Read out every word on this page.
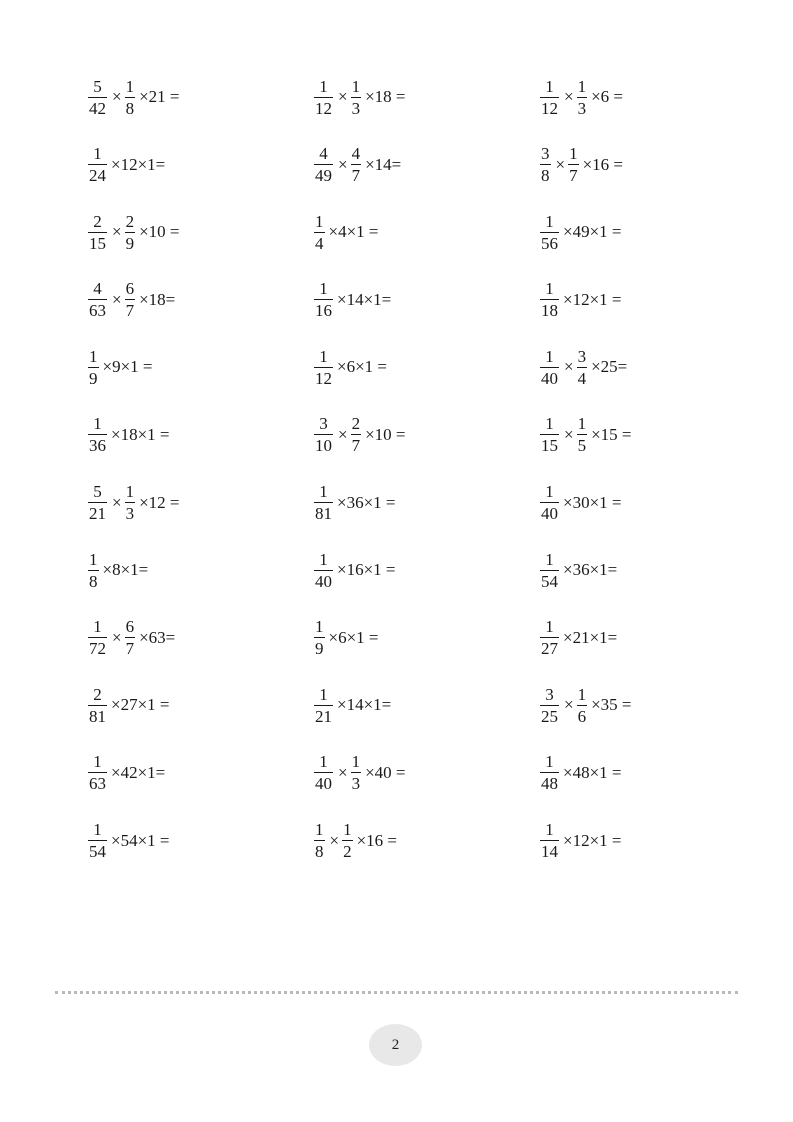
$\frac{5}{42} \times \frac{1}{8} \times 21$ =	$\frac{1}{12} \times \frac{1}{3} \times 18$ =	$\frac{1}{12} \times \frac{1}{3} \times 6$ =
$\frac{1}{24} \times 12\times 1=$	$\frac{4}{49} \times \frac{4}{7} \times 14=$	$\frac{3}{8} \times \frac{1}{7} \times 16$ =
$\frac{2}{15} \times \frac{2}{9} \times 10$ =	$\frac{1}{4} \times 4\times 1$ =	$\frac{1}{56} \times 49\times 1$ =
$\frac{4}{63} \times \frac{6}{7} \times 18=$	$\frac{1}{16} \times 14\times 1=$	$\frac{1}{18} \times 12\times 1$ =
$\frac{1}{9} \times 9\times 1$ =	$\frac{1}{12} \times 6\times 1$ =	$\frac{1}{40} \times \frac{3}{4} \times 25=$
$\frac{1}{36} \times 18\times 1$ =	$\frac{3}{10} \times \frac{2}{7} \times 10$ =	$\frac{1}{15} \times \frac{1}{5} \times 15$ =
$\frac{5}{21} \times \frac{1}{3} \times 12$ =	$\frac{1}{81} \times 36\times 1$ =	$\frac{1}{40} \times 30\times 1$ =
$\frac{1}{8} \times 8\times 1=$	$\frac{1}{40} \times 16\times 1$ =	$\frac{1}{54} \times 36\times 1=$
$\frac{1}{72} \times \frac{6}{7} \times 63=$	$\frac{1}{9} \times 6\times 1$ =	$\frac{1}{27} \times 21\times 1=$
$\frac{2}{81} \times 27\times 1$ =	$\frac{1}{21} \times 14\times 1=$	$\frac{3}{25} \times \frac{1}{6} \times 35$ =
$\frac{1}{63} \times 42\times 1=$	$\frac{1}{40} \times \frac{1}{3} \times 40$ =	$\frac{1}{48} \times 48\times 1$ =
$\frac{1}{54} \times 54\times 1$ =	$\frac{1}{8} \times \frac{1}{2} \times 16$ =	$\frac{1}{14} \times 12\times 1$ =
2
